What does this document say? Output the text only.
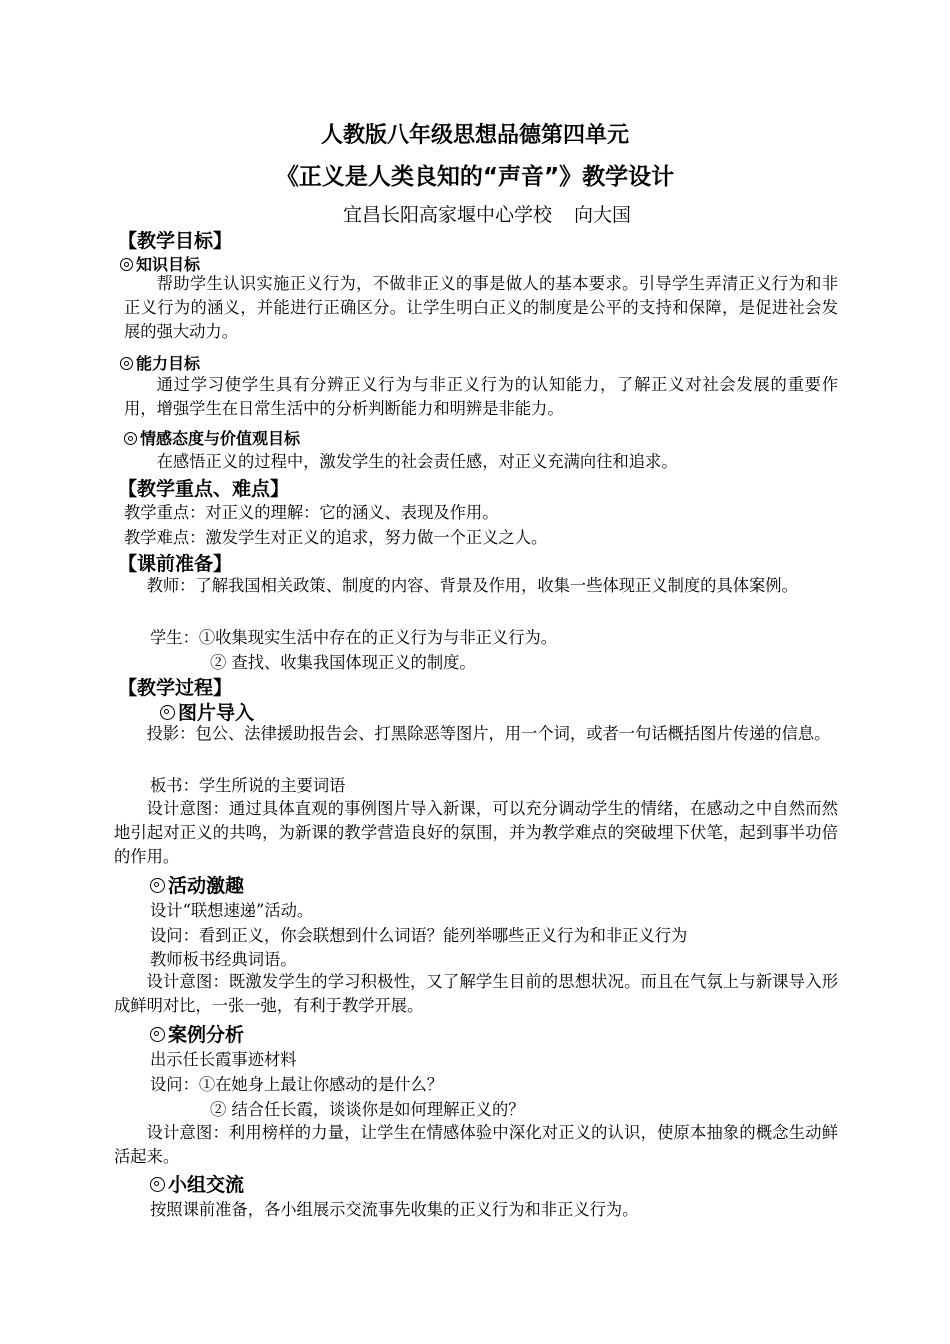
人教版八年级思想品德第四单元
《正义是人类良知的“声音”》教学设计
宜昌长阳高家堰中心学校 向大国
【教学目标】
知识目标
帮助学生认识实施正义行为，不做非正义的事是做人的基本要求。引导学生弄清正义行为和非正义行为的涵义，并能进行正确区分。让学生明白正义的制度是公平的支持和保障，是促进社会发展的强大动力。
能力目标
通过学习使学生具有分辨正义行为与非正义行为的认知能力，了解正义对社会发展的重要作用，增强学生在日常生活中的分析判断能力和明辨是非能力。
情感态度与价值观目标
在感悟正义的过程中，激发学生的社会责任感，对正义充满向往和追求。
【教学重点、难点】
教学重点：对正义的理解：它的涵义、表现及作用。
教学难点：激发学生对正义的追求，努力做一个正义之人。
【课前准备】
教师：了解我国相关政策、制度的内容、背景及作用，收集一些体现正义制度的具体案例。
学生：①收集现实生活中存在的正义行为与非正义行为。
② 查找、收集我国体现正义的制度。
【教学过程】
图片导入
投影：包公、法律援助报告会、打黑除恶等图片，用一个词，或者一句话概括图片传递的信息。
板书：学生所说的主要词语
设计意图：通过具体直观的事例图片导入新课，可以充分调动学生的情绪，在感动之中自然而然地引起对正义的共鸣，为新课的教学营造良好的氛围，并为教学难点的突破埋下伏笔，起到事半功倍的作用。
活动激趣
设计“联想速递”活动。
设问：看到正义，你会联想到什么词语？能列举哪些正义行为和非正义行为
教师板书经典词语。
设计意图：既激发学生的学习积极性，又了解学生目前的思想状况。而且在气氛上与新课导入形成鲜明对比，一张一弛，有利于教学开展。
案例分析
出示任长霞事迹材料
设问：①在她身上最让你感动的是什么？
② 结合任长霞，谈谈你是如何理解正义的？
设计意图：利用榜样的力量，让学生在情感体验中深化对正义的认识，使原本抽象的概念生动鲜活起来。
小组交流
按照课前准备，各小组展示交流事先收集的正义行为和非正义行为。
